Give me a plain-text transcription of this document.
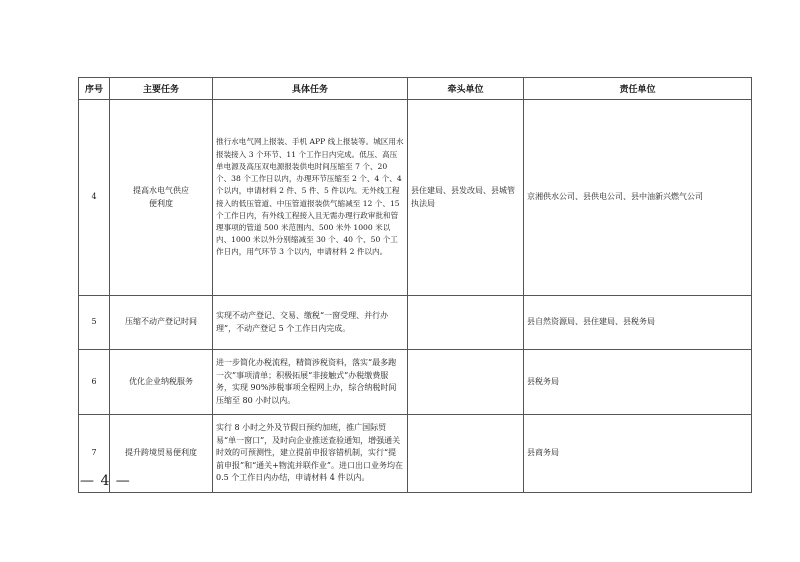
序号	主要任务	具体任务	牵头单位	责任单位
4	提高水电气供应便利度	推行水电气网上报装、手机 APP 线上报装等。城区用水报装接入 3 个环节、11 个工作日内完成。低压、高压单电源及高压双电源报装供电时间压缩至 7 个、20 个、38 个工作日以内，办理环节压缩至 2 个、4 个、4 个以内，申请材料 2 件、5 件、5 件以内。无外线工程接入的低压管道、中压管道报装供气缩减至 12 个、15 个工作日内，有外线工程接入且无需办理行政审批和管理事项的管道 500 米范围内、500 米外 1000 米以内、1000 米以外分别缩减至 30 个、40 个、50 个工作日内，用气环节 3 个以内，申请材料 2 件以内。	县住建局、县发改局、县城管执法局	京湘供水公司、县供电公司、县中油新兴燃气公司
5	压缩不动产登记时间	实现不动产登记、交易、缴税“一窗受理、并行办理”，不动产登记 5 个工作日内完成。		县自然资源局、县住建局、县税务局
6	优化企业纳税服务	进一步简化办税流程，精简涉税资料，落实“最多跑一次”事项清单；积极拓展“非接触式”办税缴费服务，实现 90%涉税事项全程网上办，综合纳税时间压缩至 80 小时以内。		县税务局
7	提升跨境贸易便利度	实行 8 小时之外及节假日预约加班，推广国际贸易“单一窗口”，及时向企业推送查验通知，增强通关时效的可预测性，建立提前申报容错机制，实行“提前申报”和“通关+物流并联作业”。进口出口业务均在 0.5 个工作日内办结，申请材料 4 件以内。		县商务局
— 4 —
